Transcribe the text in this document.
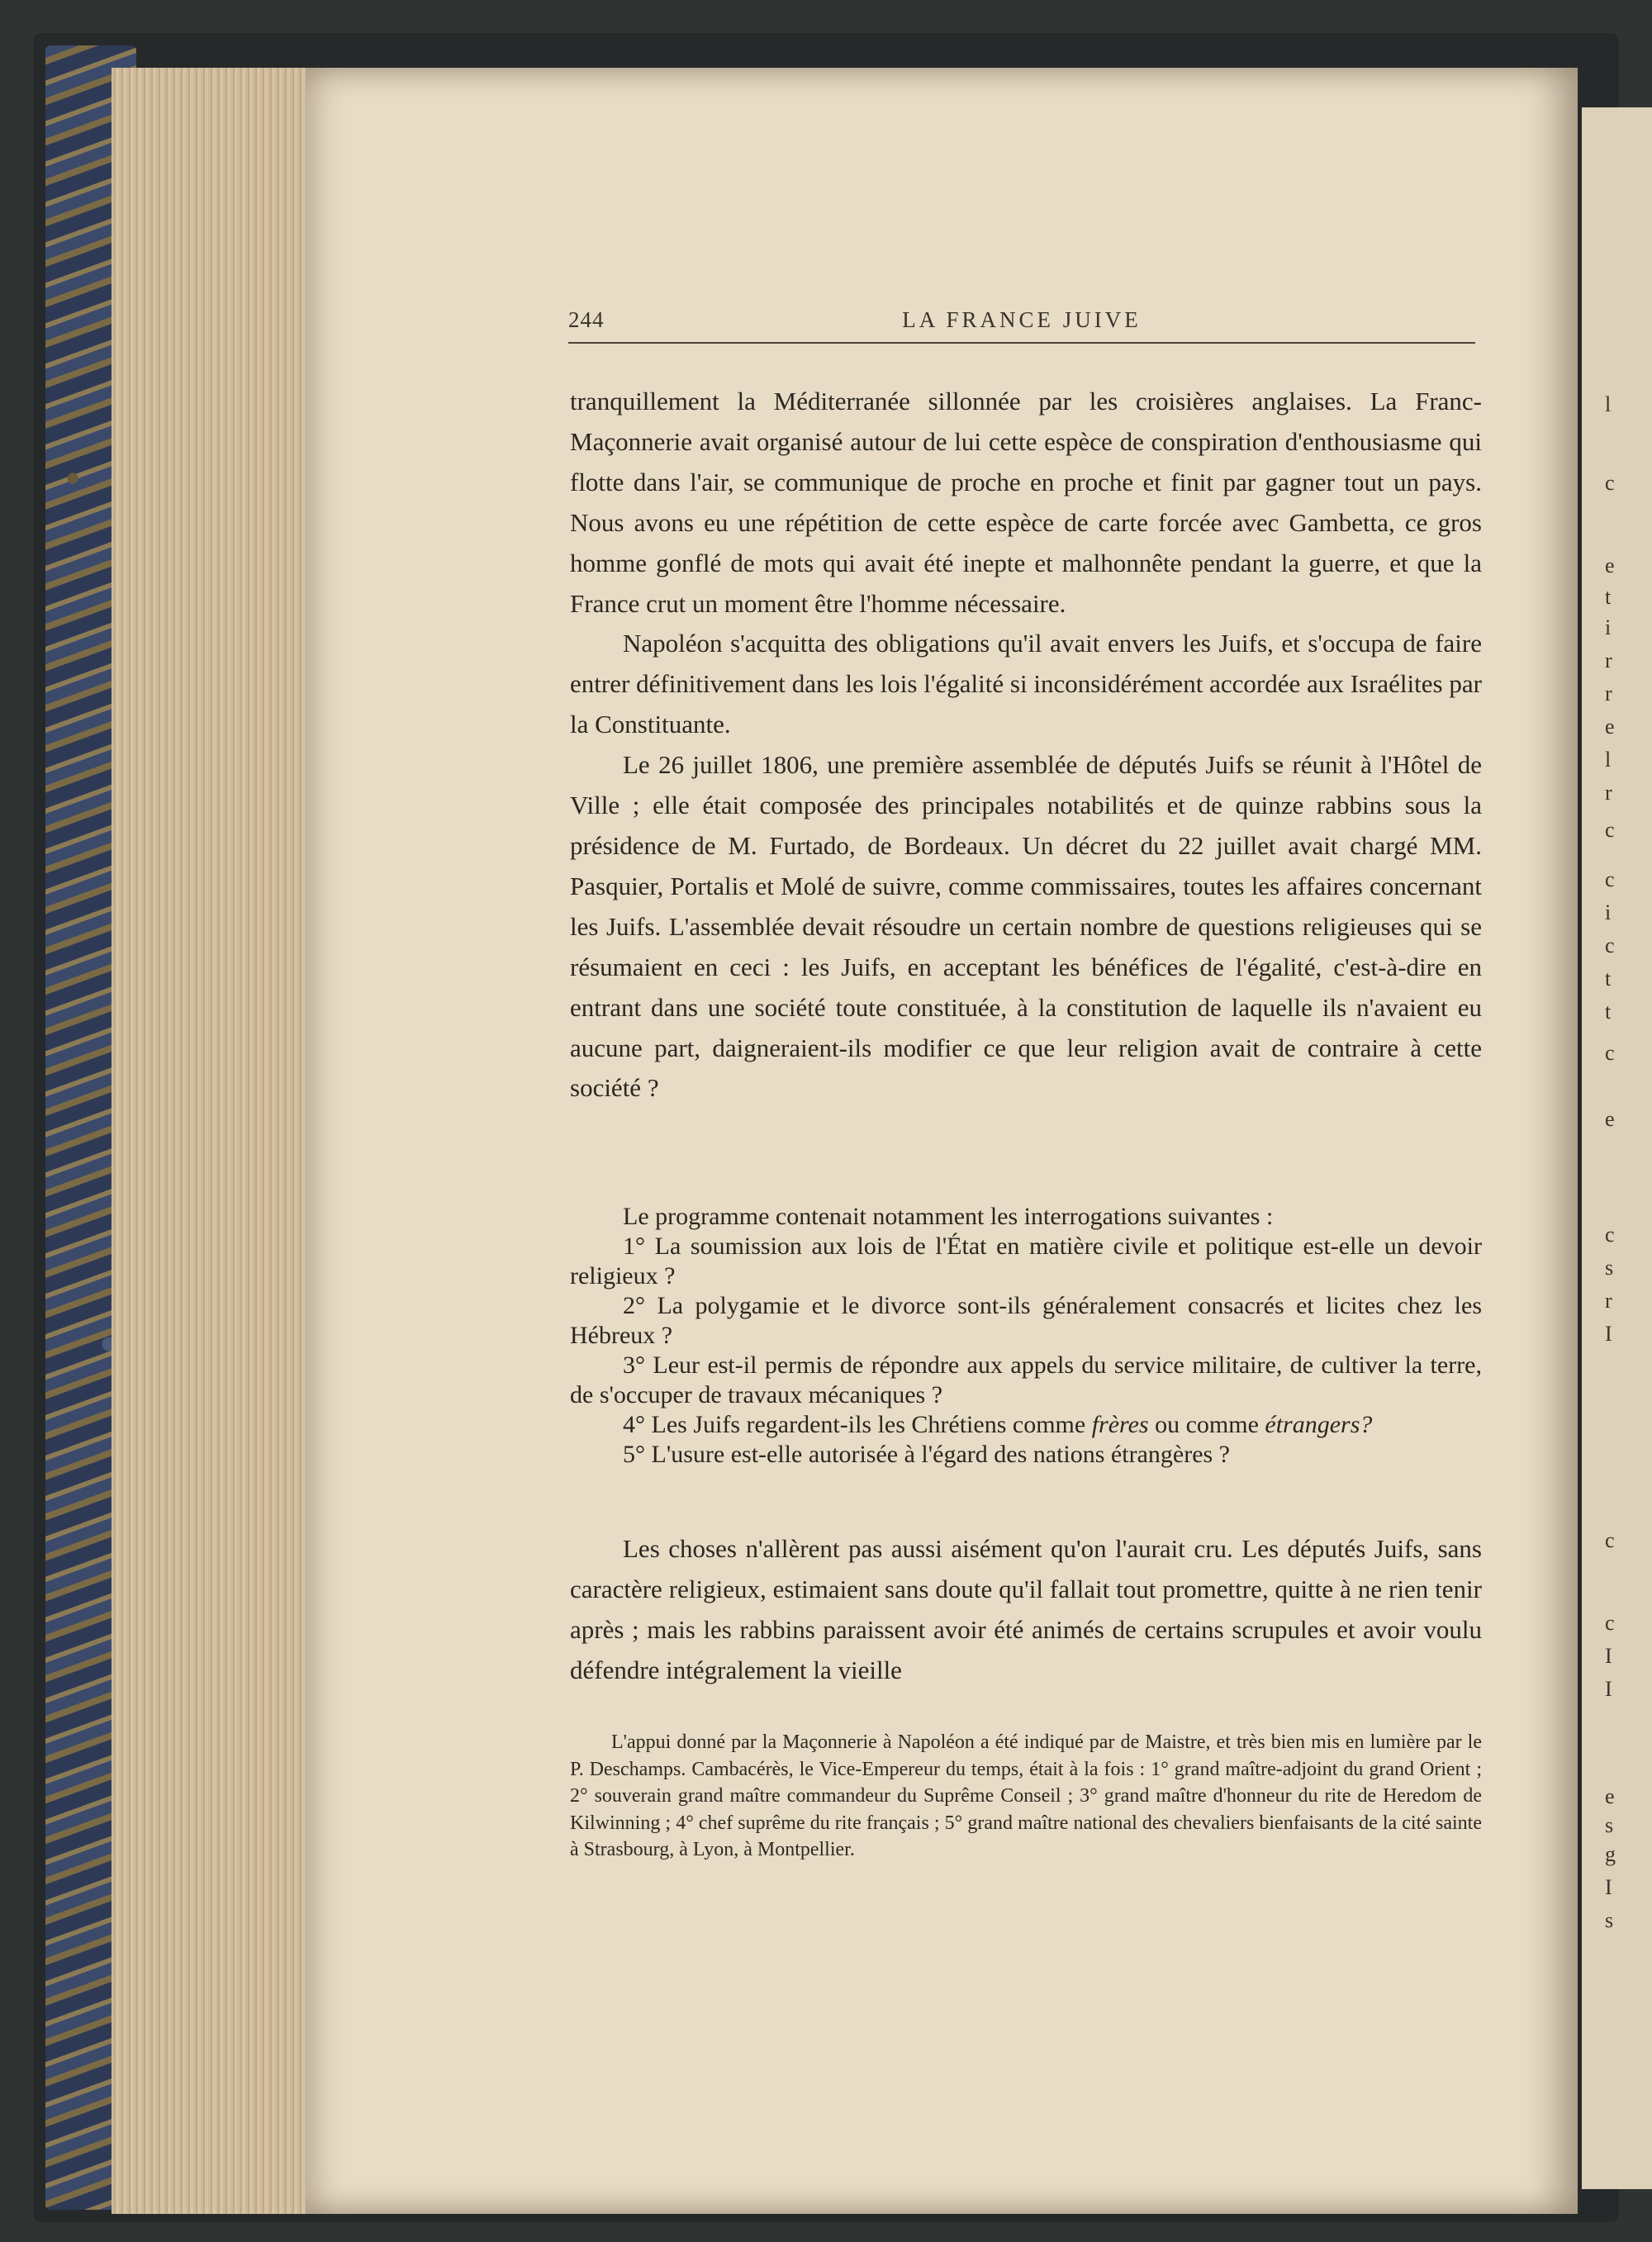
l
c
e
t
i
r
r
e
l
r
c
c
i
c
t
t
c
e
c
s
r
I
c
c
I
I
e
s
g
I
s
244	LA FRANCE JUIVE

tranquillement la Méditerranée sillonnée par les croisières anglaises. La Franc-Maçonnerie avait organisé autour de lui cette espèce de conspiration d'enthousiasme qui flotte dans l'air, se communique de proche en proche et finit par gagner tout un pays. Nous avons eu une répétition de cette espèce de carte forcée avec Gambetta, ce gros homme gonflé de mots qui avait été inepte et malhonnête pendant la guerre, et que la France crut un moment être l'homme nécessaire.

Napoléon s'acquitta des obligations qu'il avait envers les Juifs, et s'occupa de faire entrer définitivement dans les lois l'égalité si inconsidérément accordée aux Israélites par la Constituante.

Le 26 juillet 1806, une première assemblée de députés Juifs se réunit à l'Hôtel de Ville ; elle était composée des principales notabilités et de quinze rabbins sous la présidence de M. Furtado, de Bordeaux. Un décret du 22 juillet avait chargé MM. Pasquier, Portalis et Molé de suivre, comme commissaires, toutes les affaires concernant les Juifs. L'assemblée devait résoudre un certain nombre de questions religieuses qui se résumaient en ceci : les Juifs, en acceptant les bénéfices de l'égalité, c'est-à-dire en entrant dans une société toute constituée, à la constitution de laquelle ils n'avaient eu aucune part, daigneraient-ils modifier ce que leur religion avait de contraire à cette société ?

Le programme contenait notamment les interrogations suivantes :

1° La soumission aux lois de l'État en matière civile et politique est-elle un devoir religieux ?

2° La polygamie et le divorce sont-ils généralement consacrés et licites chez les Hébreux ?

3° Leur est-il permis de répondre aux appels du service militaire, de cultiver la terre, de s'occuper de travaux mécaniques ?

4° Les Juifs regardent-ils les Chrétiens comme frères ou comme étrangers?

5° L'usure est-elle autorisée à l'égard des nations étrangères ?

Les choses n'allèrent pas aussi aisément qu'on l'aurait cru. Les députés Juifs, sans caractère religieux, estimaient sans doute qu'il fallait tout promettre, quitte à ne rien tenir après ; mais les rabbins paraissent avoir été animés de certains scrupules et avoir voulu défendre intégralement la vieille

L'appui donné par la Maçonnerie à Napoléon a été indiqué par de Maistre, et très bien mis en lumière par le P. Deschamps. Cambacérès, le Vice-Empereur du temps, était à la fois : 1° grand maître-adjoint du grand Orient ; 2° souverain grand maître commandeur du Suprême Conseil ; 3° grand maître d'honneur du rite de Heredom de Kilwinning ; 4° chef suprême du rite français ; 5° grand maître national des chevaliers bienfaisants de la cité sainte à Strasbourg, à Lyon, à Montpellier.
